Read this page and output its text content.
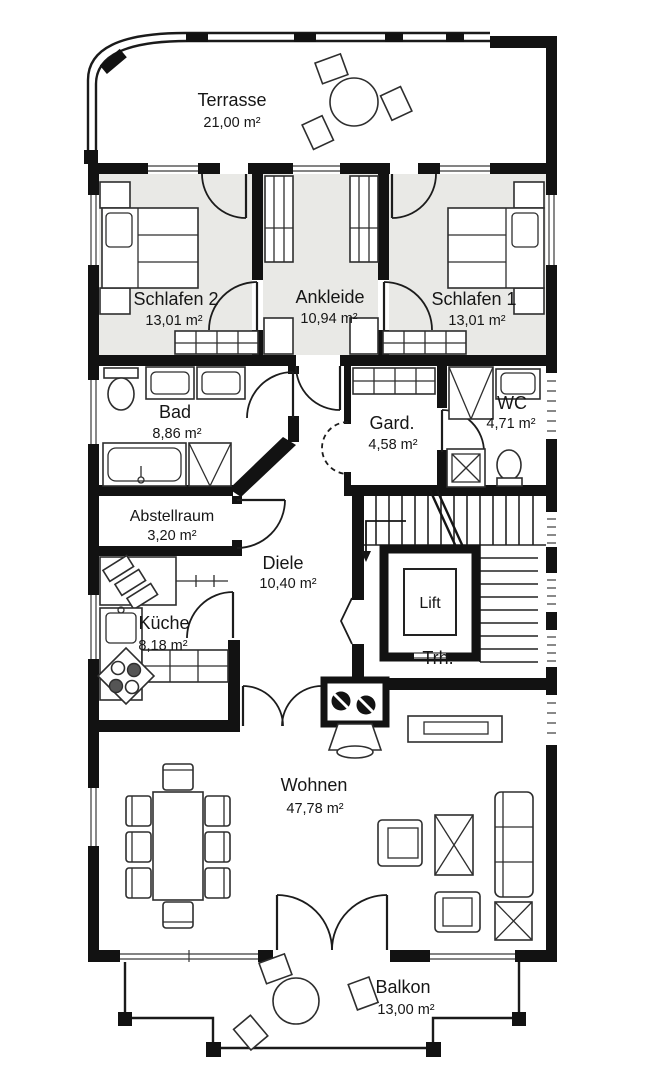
Terrasse
21,00 m²
Schlafen 2
13,01 m²
Ankleide
10,94 m²
Schlafen 1
13,01 m²
Bad
8,86 m²
Gard.
4,58 m²
WC
4,71 m²
Abstellraum
3,20 m²
Diele
10,40 m²
Küche
8,18 m²
Lift
Trh.
Wohnen
47,78 m²
Balkon
13,00 m²
